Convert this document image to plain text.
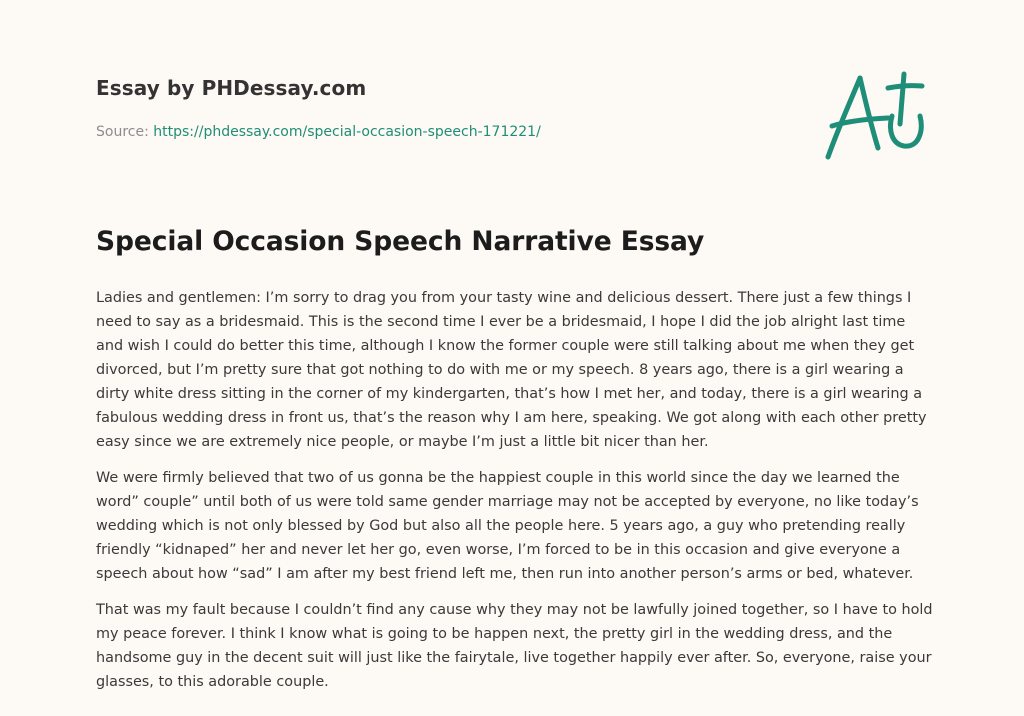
Essay by PHDessay.com
Source: https://phdessay.com/special-occasion-speech-171221/
Special Occasion Speech Narrative Essay

Ladies and gentlemen: I’m sorry to drag you from your tasty wine and delicious dessert. There just a few things I need to say as a bridesmaid. This is the second time I ever be a bridesmaid, I hope I did the job alright last time and wish I could do better this time, although I know the former couple were still talking about me when they get divorced, but I’m pretty sure that got nothing to do with me or my speech. 8 years ago, there is a girl wearing a dirty white dress sitting in the corner of my kindergarten, that’s how I met her, and today, there is a girl wearing a fabulous wedding dress in front us, that’s the reason why I am here, speaking. We got along with each other pretty easy since we are extremely nice people, or maybe I’m just a little bit nicer than her.

We were firmly believed that two of us gonna be the happiest couple in this world since the day we learned the word” couple” until both of us were told same gender marriage may not be accepted by everyone, no like today’s wedding which is not only blessed by God but also all the people here. 5 years ago, a guy who pretending really friendly “kidnaped” her and never let her go, even worse, I’m forced to be in this occasion and give everyone a speech about how “sad” I am after my best friend left me, then run into another person’s arms or bed, whatever.

That was my fault because I couldn’t find any cause why they may not be lawfully joined together, so I have to hold my peace forever. I think I know what is going to be happen next, the pretty girl in the wedding dress, and the handsome guy in the decent suit will just like the fairytale, live together happily ever after. So, everyone, raise your glasses, to this adorable couple.
